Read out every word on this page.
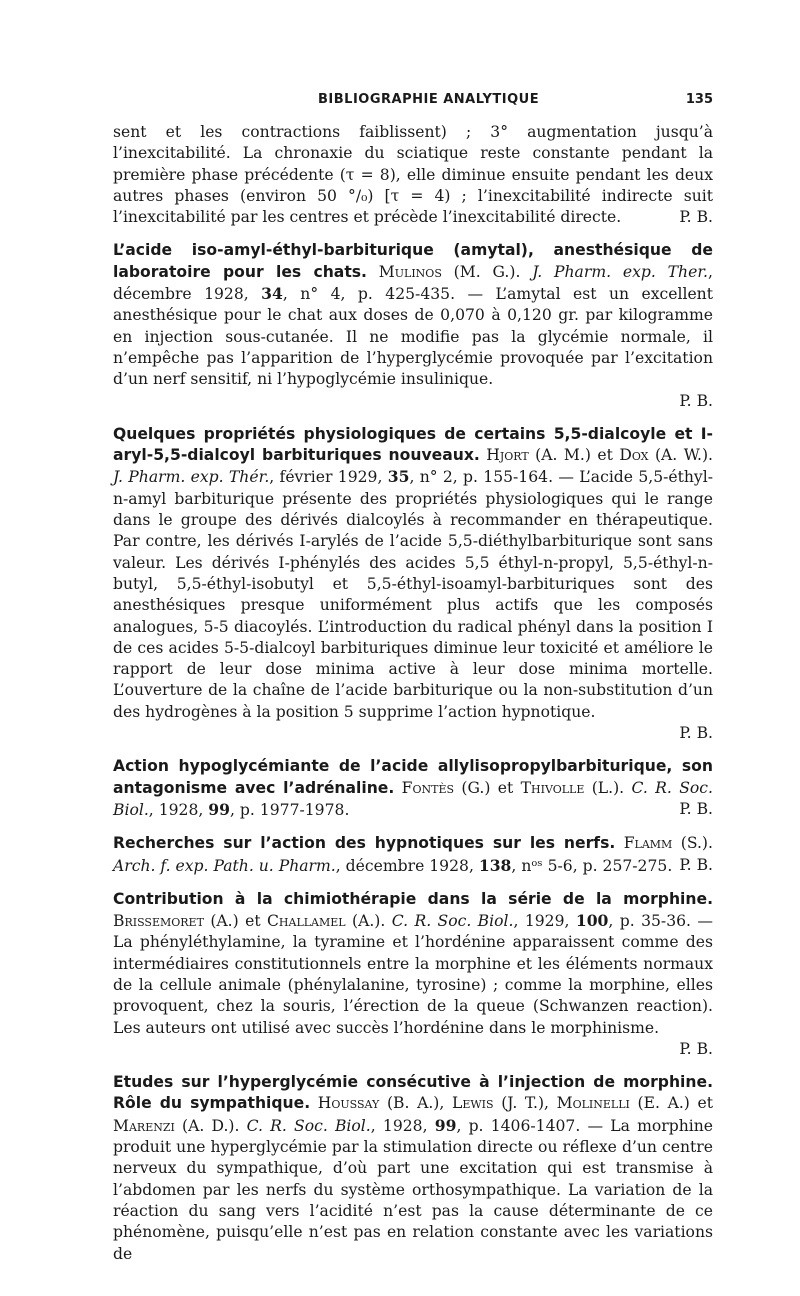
BIBLIOGRAPHIE ANALYTIQUE	135

sent et les contractions faiblissent) ; 3° augmentation jusqu’à l’inexcitabilité. La chronaxie du sciatique reste constante pendant la première phase précédente (τ = 8), elle diminue ensuite pendant les deux autres phases (environ 50 °/₀) [τ = 4) ; l’inexcitabilité indirecte suit l’inexcitabilité par les centres et précède l’inexcitabilité directe.	P. B.

L’acide iso-amyl-éthyl-barbiturique (amytal), anesthésique de laboratoire pour les chats. Mulinos (M. G.). J. Pharm. exp. Ther., décembre 1928, 34, n° 4, p. 425-435. — L’amytal est un excellent anesthésique pour le chat aux doses de 0,070 à 0,120 gr. par kilogramme en injection sous-cutanée. Il ne modifie pas la glycémie normale, il n’empêche pas l’apparition de l’hyperglycémie provoquée par l’excitation d’un nerf sensitif, ni l’hypoglycémie insulinique.

P. B.

Quelques propriétés physiologiques de certains 5,5-dialcoyle et I-aryl-5,5-dialcoyl barbituriques nouveaux. Hjort (A. M.) et Dox (A. W.). J. Pharm. exp. Thér., février 1929, 35, n° 2, p. 155-164. — L’acide 5,5-éthyl-n-amyl barbiturique présente des propriétés physiologiques qui le range dans le groupe des dérivés dialcoylés à recommander en thérapeutique. Par contre, les dérivés I-arylés de l’acide 5,5-diéthylbarbiturique sont sans valeur. Les dérivés I-phénylés des acides 5,5 éthyl-n-propyl, 5,5-éthyl-n-butyl, 5,5-éthyl-isobutyl et 5,5-éthyl-isoamyl-barbituriques sont des anesthésiques presque uniformément plus actifs que les composés analogues, 5-5 diacoylés. L’introduction du radical phényl dans la position I de ces acides 5-5-dialcoyl barbituriques diminue leur toxicité et améliore le rapport de leur dose minima active à leur dose minima mortelle. L’ouverture de la chaîne de l’acide barbiturique ou la non-substitution d’un des hydrogènes à la position 5 supprime l’action hypnotique.

P. B.

Action hypoglycémiante de l’acide allylisopropylbarbiturique, son antagonisme avec l’adrénaline. Fontès (G.) et Thivolle (L.). C. R. Soc. Biol., 1928, 99, p. 1977-1978.	P. B.

Recherches sur l’action des hypnotiques sur les nerfs. Flamm (S.). Arch. f. exp. Path. u. Pharm., décembre 1928, 138, nᵒˢ 5-6, p. 257-275. P. B.

Contribution à la chimiothérapie dans la série de la morphine. Brissemoret (A.) et Challamel (A.). C. R. Soc. Biol., 1929, 100, p. 35-36. — La phényléthylamine, la tyramine et l’hordénine apparaissent comme des intermédiaires constitutionnels entre la morphine et les éléments normaux de la cellule animale (phénylalanine, tyrosine) ; comme la morphine, elles provoquent, chez la souris, l’érection de la queue (Schwanzen reaction). Les auteurs ont utilisé avec succès l’hordénine dans le morphinisme.

P. B.

Etudes sur l’hyperglycémie consécutive à l’injection de morphine. Rôle du sympathique. Houssay (B. A.), Lewis (J. T.), Molinelli (E. A.) et Marenzi (A. D.). C. R. Soc. Biol., 1928, 99, p. 1406-1407. — La morphine produit une hyperglycémie par la stimulation directe ou réflexe d’un centre nerveux du sympathique, d’où part une excitation qui est transmise à l’abdomen par les nerfs du système orthosympathique. La variation de la réaction du sang vers l’acidité n’est pas la cause déterminante de ce phénomène, puisqu’elle n’est pas en relation constante avec les variations de
